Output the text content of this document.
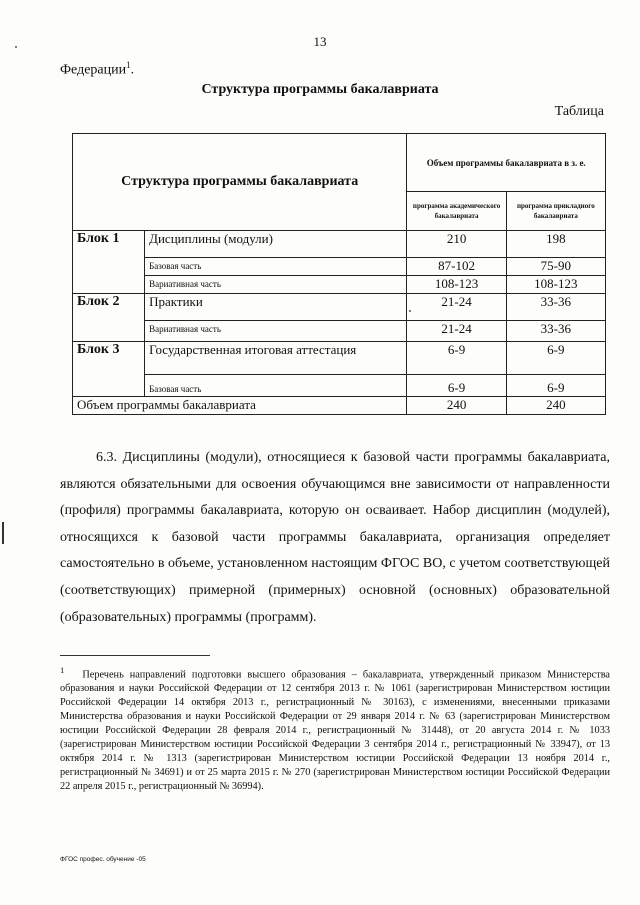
13
Федерации$^1$.
Структура программы бакалавриата
Таблица
Структура программы бакалавриата		Объем программы бакалавриата в з. е.	
		программа академического бакалавриата	программа прикладного бакалавриата
Блок 1	Дисциплины (модули)	210	198
	Базовая часть	87-102	75-90
	Вариативная часть	108-123	108-123
Блок 2	Практики	21-24	33-36
	Вариативная часть	21-24	33-36
Блок 3	Государственная итоговая аттестация	6-9	6-9
	Базовая часть	6-9	6-9
Объем программы бакалавриата		240	240

6.3. Дисциплины (модули), относящиеся к базовой части программы бакалавриата, являются обязательными для освоения обучающимся вне зависимости от направленности (профиля) программы бакалавриата, которую он осваивает. Набор дисциплин (модулей), относящихся к базовой части программы бакалавриата, организация определяет самостоятельно в объеме, установленном настоящим ФГОС ВО, с учетом соответствующей (соответствующих) примерной (примерных) основной (основных) образовательной (образовательных) программы (программ).

$^1$ Перечень направлений подготовки высшего образования – бакалавриата, утвержденный приказом Министерства образования и науки Российской Федерации от 12 сентября 2013 г. № 1061 (зарегистрирован Министерством юстиции Российской Федерации 14 октября 2013 г., регистрационный № 30163), с изменениями, внесенными приказами Министерства образования и науки Российской Федерации от 29 января 2014 г. № 63 (зарегистрирован Министерством юстиции Российской Федерации 28 февраля 2014 г., регистрационный № 31448), от 20 августа 2014 г. № 1033 (зарегистрирован Министерством юстиции Российской Федерации 3 сентября 2014 г., регистрационный № 33947), от 13 октября 2014 г. № 1313 (зарегистрирован Министерством юстиции Российской Федерации 13 ноября 2014 г., регистрационный № 34691) и от 25 марта 2015 г. № 270 (зарегистрирован Министерством юстиции Российской Федерации 22 апреля 2015 г., регистрационный № 36994).
ФГОС профес. обучение -05
